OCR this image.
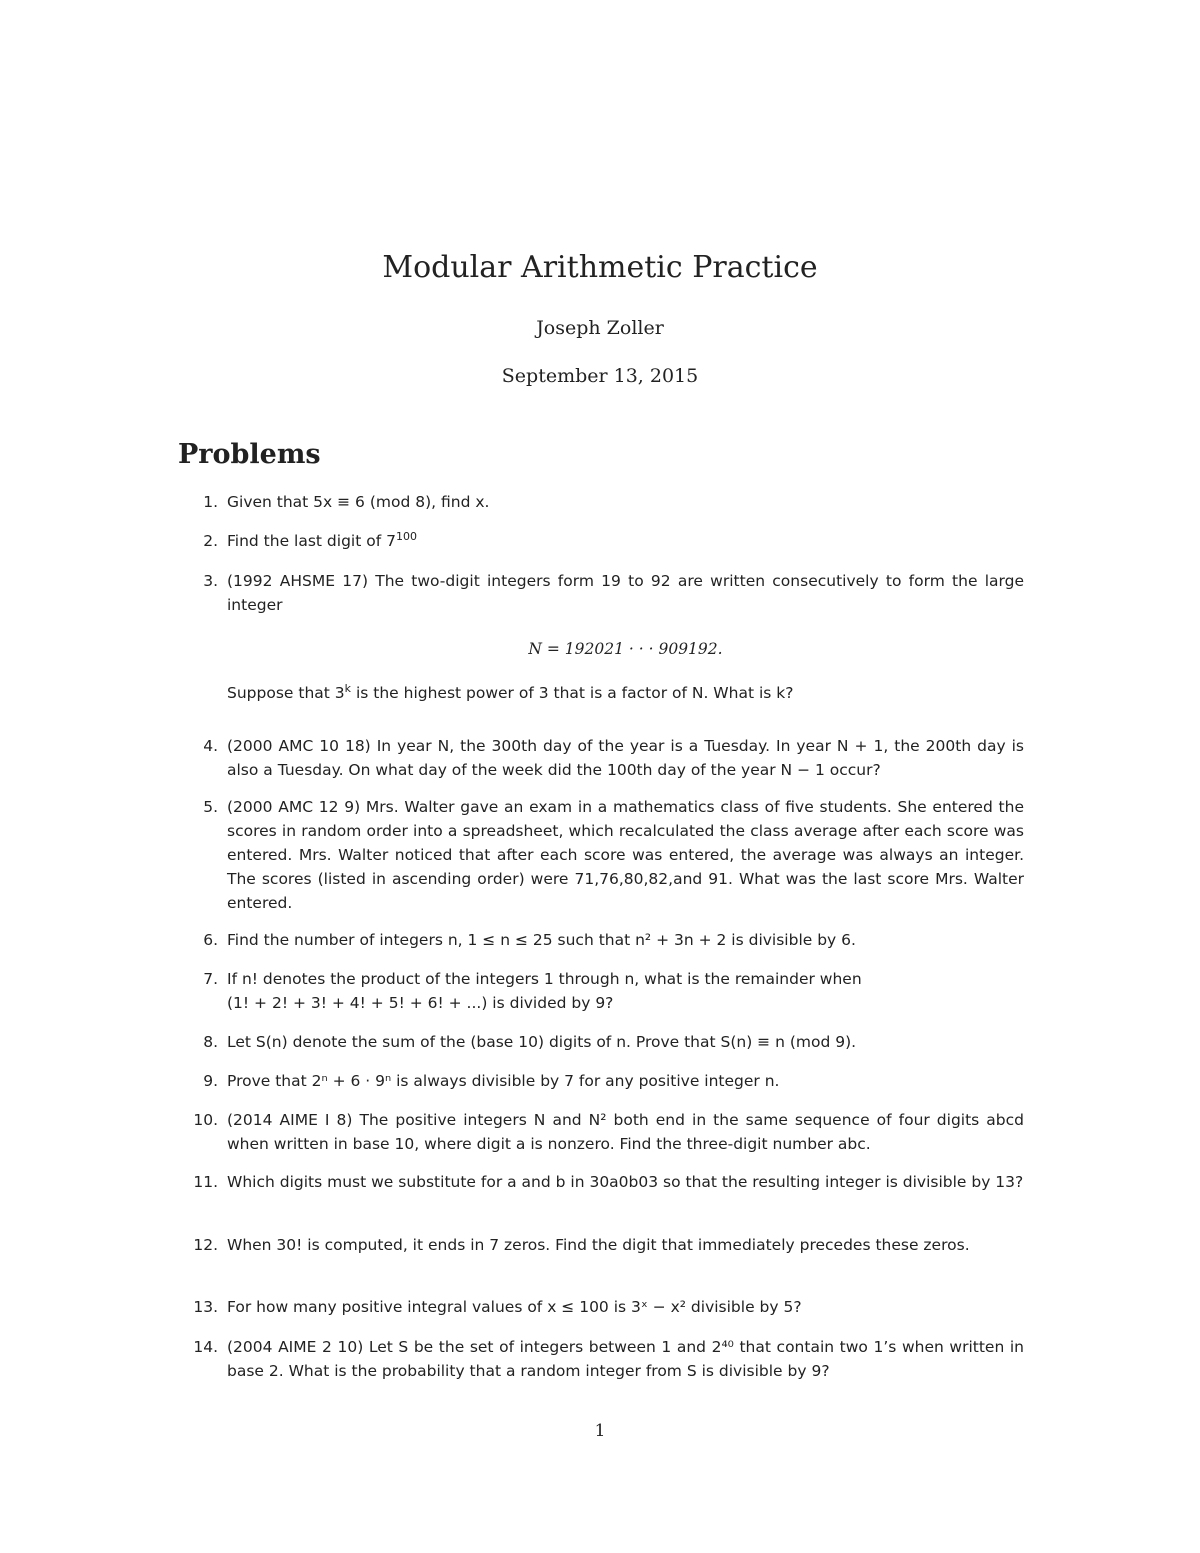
Modular Arithmetic Practice
Joseph Zoller
September 13, 2015
Problems
1. Given that 5x ≡ 6 (mod 8), find x.
2. Find the last digit of $7^{100}$
3. (1992 AHSME 17) The two-digit integers form 19 to 92 are written consecutively to form the large integer
N = 192021 · · · 909192.
Suppose that 3$^k$ is the highest power of 3 that is a factor of N. What is k?
4. (2000 AMC 10 18) In year N, the 300th day of the year is a Tuesday. In year N + 1, the 200th day is also a Tuesday. On what day of the week did the 100th day of the year N − 1 occur?
5. (2000 AMC 12 9) Mrs. Walter gave an exam in a mathematics class of five students. She entered the scores in random order into a spreadsheet, which recalculated the class average after each score was entered. Mrs. Walter noticed that after each score was entered, the average was always an integer. The scores (listed in ascending order) were 71,76,80,82,and 91. What was the last score Mrs. Walter entered.
6. Find the number of integers n, 1 ≤ n ≤ 25 such that n² + 3n + 2 is divisible by 6.
7. If n! denotes the product of the integers 1 through n, what is the remainder when
(1! + 2! + 3! + 4! + 5! + 6! + ...) is divided by 9?
8. Let S(n) denote the sum of the (base 10) digits of n. Prove that S(n) ≡ n (mod 9).
9. Prove that 2ⁿ + 6 · 9ⁿ is always divisible by 7 for any positive integer n.
10. (2014 AIME I 8) The positive integers N and N² both end in the same sequence of four digits abcd when written in base 10, where digit a is nonzero. Find the three-digit number abc.
11. Which digits must we substitute for a and b in 30a0b03 so that the resulting integer is divisible by 13?
12. When 30! is computed, it ends in 7 zeros. Find the digit that immediately precedes these zeros.
13. For how many positive integral values of x ≤ 100 is 3ˣ − x² divisible by 5?
14. (2004 AIME 2 10) Let S be the set of integers between 1 and 2⁴⁰ that contain two 1’s when written in base 2. What is the probability that a random integer from S is divisible by 9?
1
